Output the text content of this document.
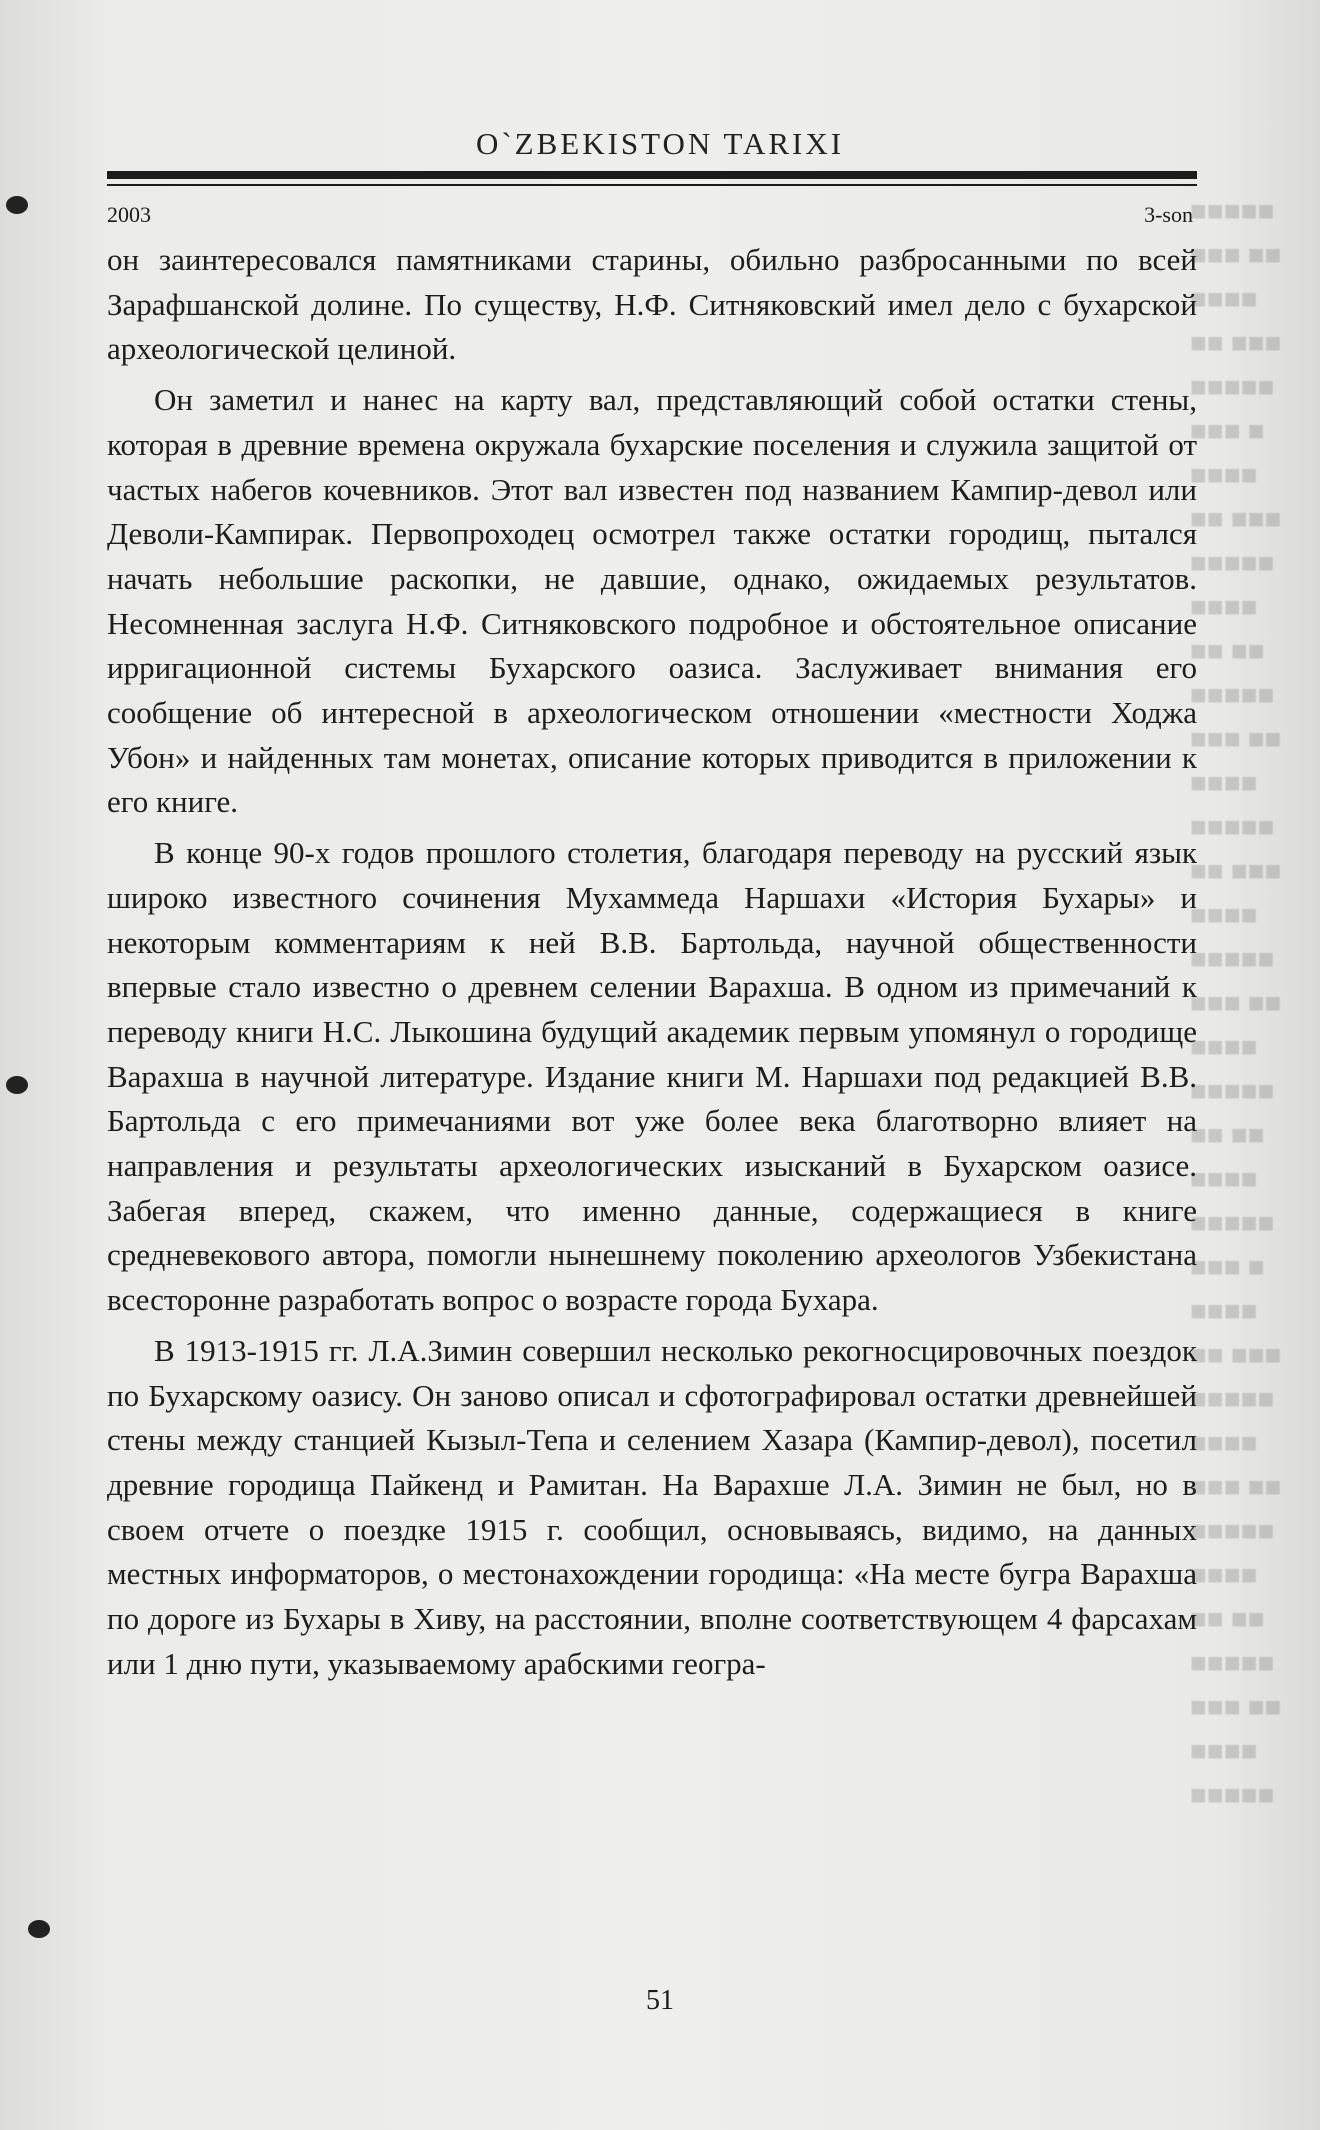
■■■■■
■■■ ■■
■■■■
■■ ■■■
■■■■■
■■■ ■
■■■■
■■ ■■■
■■■■■
■■■■
■■ ■■
■■■■■
■■■ ■■
■■■■
■■■■■
■■ ■■■
■■■■
■■■■■
■■■ ■■
■■■■
■■■■■
■■ ■■
■■■■
■■■■■
■■■ ■
■■■■
■■ ■■■
■■■■■
■■■■
■■■ ■■
■■■■■
■■■■
■■ ■■
■■■■■
■■■ ■■
■■■■
■■■■■
O`ZBEKISTON TARIXI
2003	3-son

он заинтересовался памятниками старины, обильно разбросанными по всей Зарафшанской долине. По существу, Н.Ф. Ситняковский имел дело с бухарской археологической целиной.

Он заметил и нанес на карту вал, представляющий собой остатки стены, которая в древние времена окружала бухарские поселения и служила защитой от частых набегов кочевников. Этот вал известен под названием Кампир-девол или Деволи-Кампирак. Первопроходец осмотрел также остатки городищ, пытался начать небольшие раскопки, не давшие, однако, ожидаемых результатов. Несомненная заслуга Н.Ф. Ситняковского подробное и обстоятельное описание ирригационной системы Бухарского оазиса. Заслуживает внимания его сообщение об интересной в археологическом отношении «местности Ходжа Убон» и найденных там монетах, описание которых приводится в приложении к его книге.

В конце 90-х годов прошлого столетия, благодаря переводу на русский язык широко известного сочинения Мухаммеда Наршахи «История Бухары» и некоторым комментариям к ней В.В. Бартольда, научной общественности впервые стало известно о древнем селении Варахша. В одном из примечаний к переводу книги Н.С. Лыкошина будущий академик первым упомянул о городище Варахша в научной литературе. Издание книги М. Наршахи под редакцией В.В. Бартольда с его примечаниями вот уже более века благотворно влияет на направления и результаты археологических изысканий в Бухарском оазисе. Забегая вперед, скажем, что именно данные, содержащиеся в книге средневекового автора, помогли нынешнему поколению археологов Узбекистана всесторонне разработать вопрос о возрасте города Бухара.

В 1913-1915 гг. Л.А.Зимин совершил несколько рекогносцировочных поездок по Бухарскому оазису. Он заново описал и сфотографировал остатки древнейшей стены между станцией Кызыл-Тепа и селением Хазара (Кампир-девол), посетил древние городища Пайкенд и Рамитан. На Варахше Л.А. Зимин не был, но в своем отчете о поездке 1915 г. сообщил, основываясь, видимо, на данных местных информаторов, о местонахождении городища: «На месте бугра Варахша по дороге из Бухары в Хиву, на расстоянии, вполне соответствующем 4 фарсахам или 1 дню пути, указываемому арабскими геогра-

51
